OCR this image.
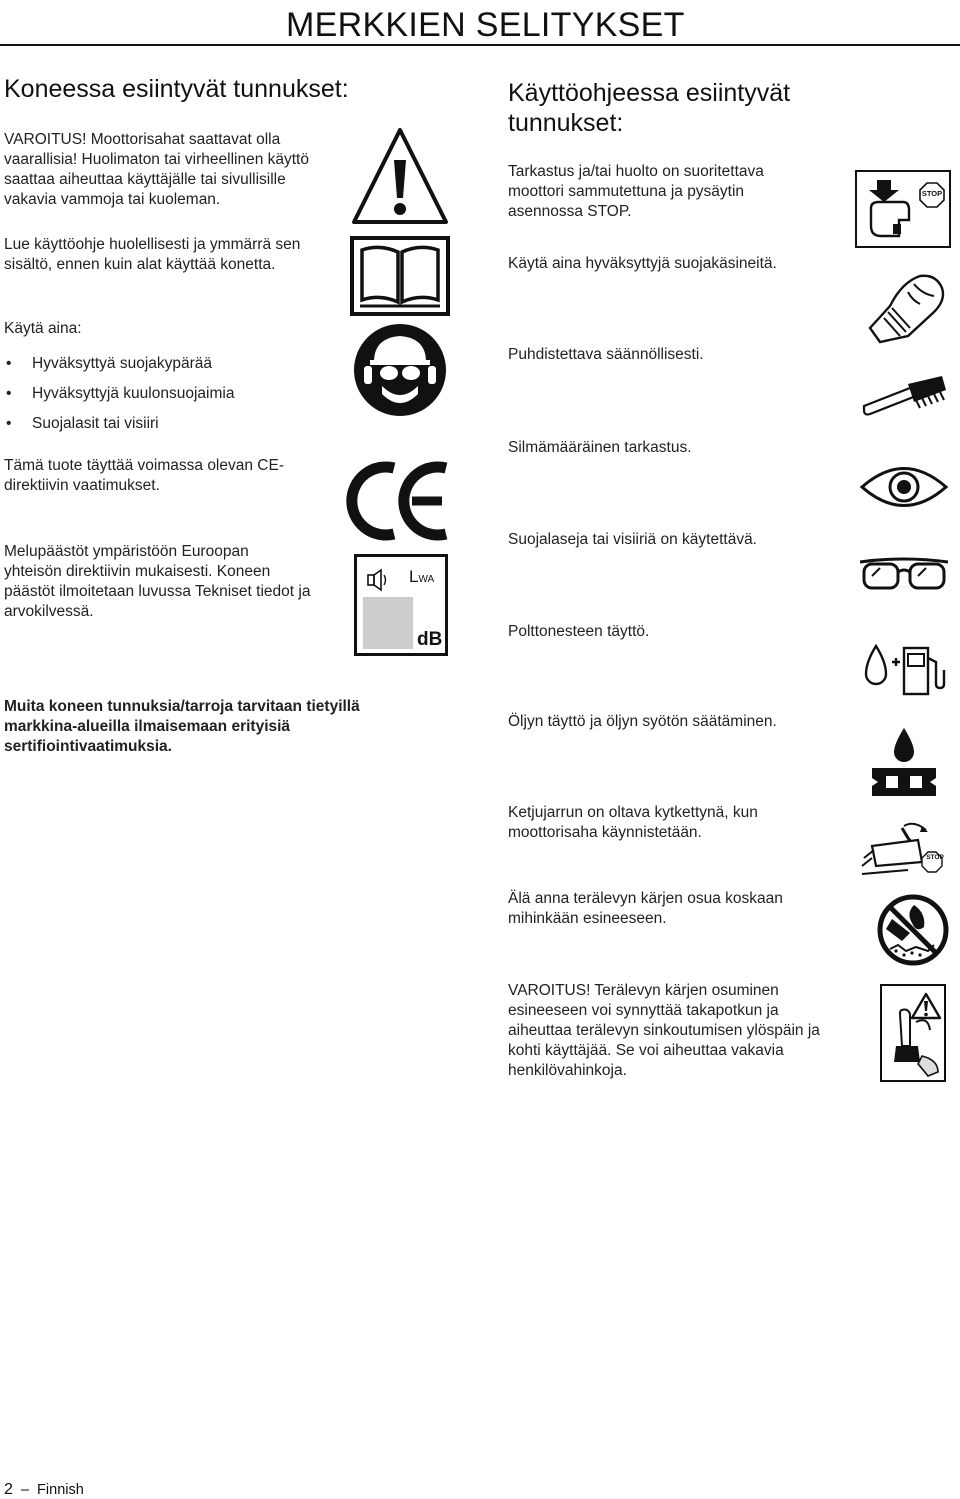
MERKKIEN SELITYKSET
Koneessa esiintyvät tunnukset:
VAROITUS! Moottorisahat saattavat olla
vaarallisia! Huolimaton tai virheellinen käyttö
saattaa aiheuttaa käyttäjälle tai sivullisille
vakavia vammoja tai kuoleman.
Lue käyttöohje huolellisesti ja ymmärrä sen
sisältö, ennen kuin alat käyttää konetta.
Käytä aina:
• Hyväksyttyä suojakypärää
• Hyväksyttyjä kuulonsuojaimia
• Suojalasit tai visiiri
Tämä tuote täyttää voimassa olevan CE-
direktiivin vaatimukset.
Melupäästöt ympäristöön Euroopan
yhteisön direktiivin mukaisesti. Koneen
päästöt ilmoitetaan luvussa Tekniset tiedot ja
arvokilvessä.
Muita koneen tunnuksia/tarroja tarvitaan tietyillä
markkina-alueilla ilmaisemaan erityisiä
sertifiointivaatimuksia.
LWA
dB
Käyttöohjeessa esiintyvät
tunnukset:
Tarkastus ja/tai huolto on suoritettava
moottori sammutettuna ja pysäytin
asennossa STOP.
Käytä aina hyväksyttyjä suojakäsineitä.
Puhdistettava säännöllisesti.
Silmämääräinen tarkastus.
Suojalaseja tai visiiriä on käytettävä.
Polttonesteen täyttö.
Öljyn täyttö ja öljyn syötön säätäminen.
Ketjujarrun on oltava kytkettynä, kun
moottorisaha käynnistetään.
Älä anna terälevyn kärjen osua koskaan
mihinkään esineeseen.
VAROITUS! Terälevyn kärjen osuminen
esineeseen voi synnyttää takapotkun ja
aiheuttaa terälevyn sinkoutumisen ylöspäin ja
kohti käyttäjää. Se voi aiheuttaa vakavia
henkilövahinkoja.
STOP
STOP
2 – Finnish
